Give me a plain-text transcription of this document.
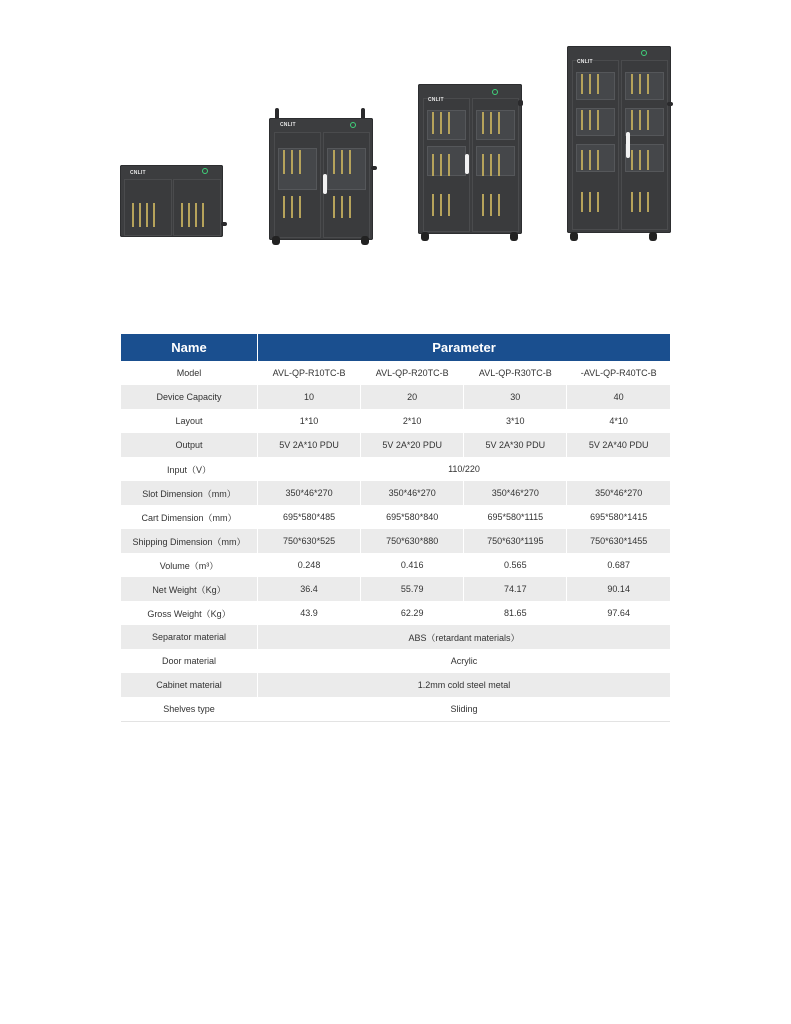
CNLIT
CNLIT
CNLIT
CNLIT
Name	Parameter			
Model	AVL-QP-R10TC-B	AVL-QP-R20TC-B	AVL-QP-R30TC-B	-AVL-QP-R40TC-B
Device Capacity	10	20	30	40
Layout	1*10	2*10	3*10	4*10
Output	5V 2A*10 PDU	5V 2A*20 PDU	5V 2A*30 PDU	5V 2A*40 PDU
Input（V）	110/220			
Slot Dimension（mm）	350*46*270	350*46*270	350*46*270	350*46*270
Cart Dimension（mm）	695*580*485	695*580*840	695*580*1115	695*580*1415
Shipping Dimension（mm）	750*630*525	750*630*880	750*630*1195	750*630*1455
Volume（m³）	0.248	0.416	0.565	0.687
Net Weight（Kg）	36.4	55.79	74.17	90.14
Gross Weight（Kg）	43.9	62.29	81.65	97.64
Separator material	ABS（retardant materials）			
Door material	Acrylic			
Cabinet material	1.2mm cold steel metal			
Shelves type	Sliding			
